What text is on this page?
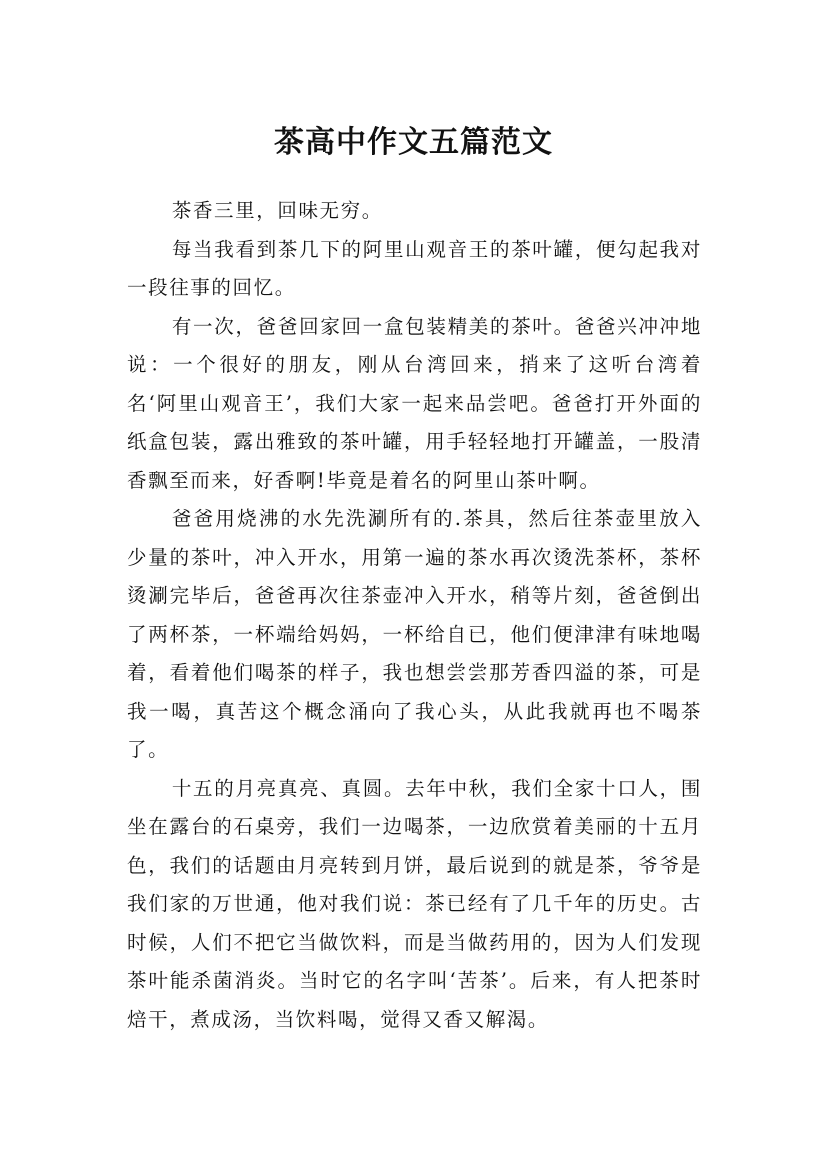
茶高中作文五篇范文

茶香三里，回味无穷。

每当我看到茶几下的阿里山观音王的茶叶罐，便勾起我对一段往事的回忆。

有一次，爸爸回家回一盒包装精美的茶叶。爸爸兴冲冲地说：一个很好的朋友，刚从台湾回来，捎来了这听台湾着名‘阿里山观音王’，我们大家一起来品尝吧。爸爸打开外面的纸盒包装，露出雅致的茶叶罐，用手轻轻地打开罐盖，一股清香飘至而来，好香啊!毕竟是着名的阿里山茶叶啊。

爸爸用烧沸的水先洗涮所有的.茶具，然后往茶壶里放入少量的茶叶，冲入开水，用第一遍的茶水再次烫洗茶杯，茶杯烫涮完毕后，爸爸再次往茶壶冲入开水，稍等片刻，爸爸倒出了两杯茶，一杯端给妈妈，一杯给自已，他们便津津有味地喝着，看着他们喝茶的样子，我也想尝尝那芳香四溢的茶，可是我一喝，真苦这个概念涌向了我心头，从此我就再也不喝茶了。

十五的月亮真亮、真圆。去年中秋，我们全家十口人，围坐在露台的石桌旁，我们一边喝茶，一边欣赏着美丽的十五月色，我们的话题由月亮转到月饼，最后说到的就是茶，爷爷是我们家的万世通，他对我们说：茶已经有了几千年的历史。古时候，人们不把它当做饮料，而是当做药用的，因为人们发现茶叶能杀菌消炎。当时它的名字叫‘苦茶’。后来，有人把茶时焙干，煮成汤，当饮料喝，觉得又香又解渴。
